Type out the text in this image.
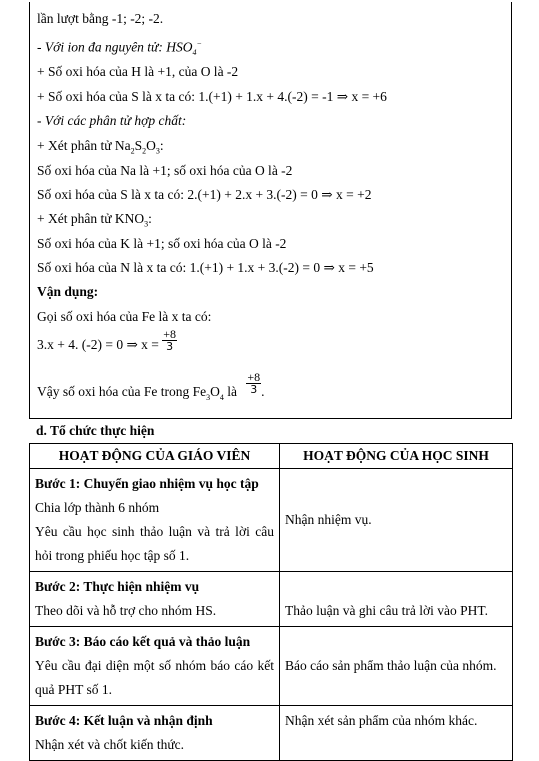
lần lượt bằng -1; -2; -2.
- Với ion đa nguyên tử: $HSO_4^-$
+ Số oxi hóa của H là +1, của O là -2
+ Số oxi hóa của S là x ta có: 1.(+1) + 1.x + 4.(-2) = -1 ⇒ x = +6
- Với các phân tử hợp chất:
+ Xét phân tử $Na_2S_2O_3$:
Số oxi hóa của Na là +1; số oxi hóa của O là -2
Số oxi hóa của S là x ta có: 2.(+1) + 2.x + 3.(-2) = 0 ⇒ x = +2
+ Xét phân tử $KNO_3$:
Số oxi hóa của K là +1; số oxi hóa của O là -2
Số oxi hóa của N là x ta có: 1.(+1) + 1.x + 3.(-2) = 0 ⇒ x = +5
Vận dụng:
Gọi số oxi hóa của Fe là x ta có:
3.x + 4. (-2) = 0 ⇒ $x = \frac{+8}{3}$
Vậy số oxi hóa của Fe trong $Fe_3O_4$ là $\frac{+8}{3}$ .
d. Tổ chức thực hiện
HOẠT ĐỘNG CỦA GIÁO VIÊN	HOẠT ĐỘNG CỦA HỌC SINH

Bước 1: Chuyển giao nhiệm vụ học tập
Chia lớp thành 6 nhóm
Yêu cầu học sinh thảo luận và trả lời câu hỏi trong phiếu học tập số 1.	Nhận nhiệm vụ.

Bước 2: Thực hiện nhiệm vụ
Theo dõi và hỗ trợ cho nhóm HS.	Thảo luận và ghi câu trả lời vào PHT.

Bước 3: Báo cáo kết quả và thảo luận
Yêu cầu đại diện một số nhóm báo cáo kết quả PHT số 1.	Báo cáo sản phẩm thảo luận của nhóm.

Bước 4: Kết luận và nhận định
Nhận xét và chốt kiến thức.	Nhận xét sản phẩm của nhóm khác.
